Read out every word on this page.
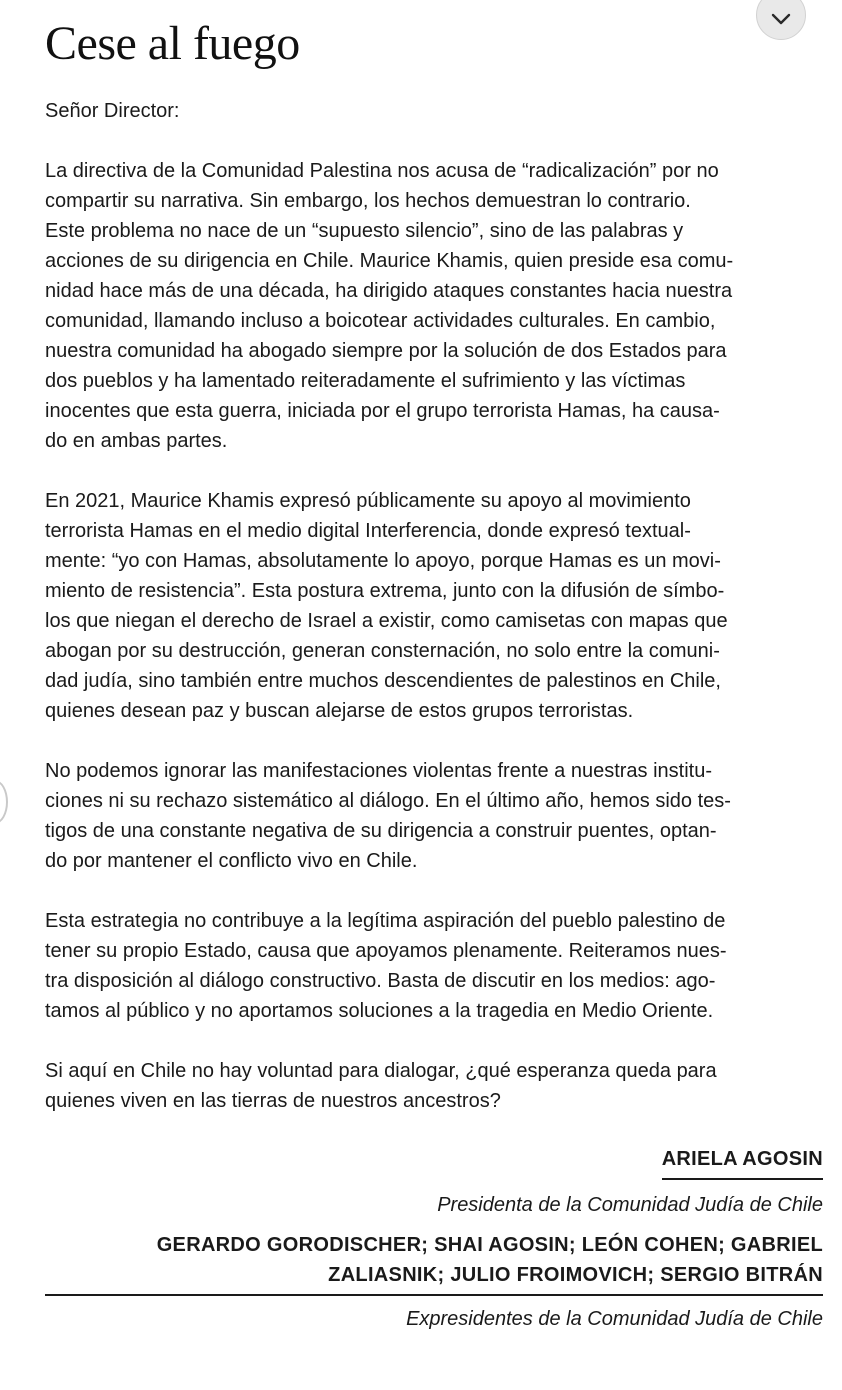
Cese al fuego

Señor Director:

La directiva de la Comunidad Palestina nos acusa de “radicalización” por no
compartir su narrativa. Sin embargo, los hechos demuestran lo contrario.
Este problema no nace de un “supuesto silencio”, sino de las palabras y
acciones de su dirigencia en Chile. Maurice Khamis, quien preside esa comu-
nidad hace más de una década, ha dirigido ataques constantes hacia nuestra
comunidad, llamando incluso a boicotear actividades culturales. En cambio,
nuestra comunidad ha abogado siempre por la solución de dos Estados para
dos pueblos y ha lamentado reiteradamente el sufrimiento y las víctimas
inocentes que esta guerra, iniciada por el grupo terrorista Hamas, ha causa-
do en ambas partes.

En 2021, Maurice Khamis expresó públicamente su apoyo al movimiento
terrorista Hamas en el medio digital Interferencia, donde expresó textual-
mente: “yo con Hamas, absolutamente lo apoyo, porque Hamas es un movi-
miento de resistencia”. Esta postura extrema, junto con la difusión de símbo-
los que niegan el derecho de Israel a existir, como camisetas con mapas que
abogan por su destrucción, generan consternación, no solo entre la comuni-
dad judía, sino también entre muchos descendientes de palestinos en Chile,
quienes desean paz y buscan alejarse de estos grupos terroristas.

No podemos ignorar las manifestaciones violentas frente a nuestras institu-
ciones ni su rechazo sistemático al diálogo. En el último año, hemos sido tes-
tigos de una constante negativa de su dirigencia a construir puentes, optan-
do por mantener el conflicto vivo en Chile.

Esta estrategia no contribuye a la legítima aspiración del pueblo palestino de
tener su propio Estado, causa que apoyamos plenamente. Reiteramos nues-
tra disposición al diálogo constructivo. Basta de discutir en los medios: ago-
tamos al público y no aportamos soluciones a la tragedia en Medio Oriente.

Si aquí en Chile no hay voluntad para dialogar, ¿qué esperanza queda para
quienes viven en las tierras de nuestros ancestros?

ARIELA AGOSIN
Presidenta de la Comunidad Judía de Chile
GERARDO GORODISCHER; SHAI AGOSIN; LEÓN COHEN; GABRIEL
ZALIASNIK; JULIO FROIMOVICH; SERGIO BITRÁN
Expresidentes de la Comunidad Judía de Chile
